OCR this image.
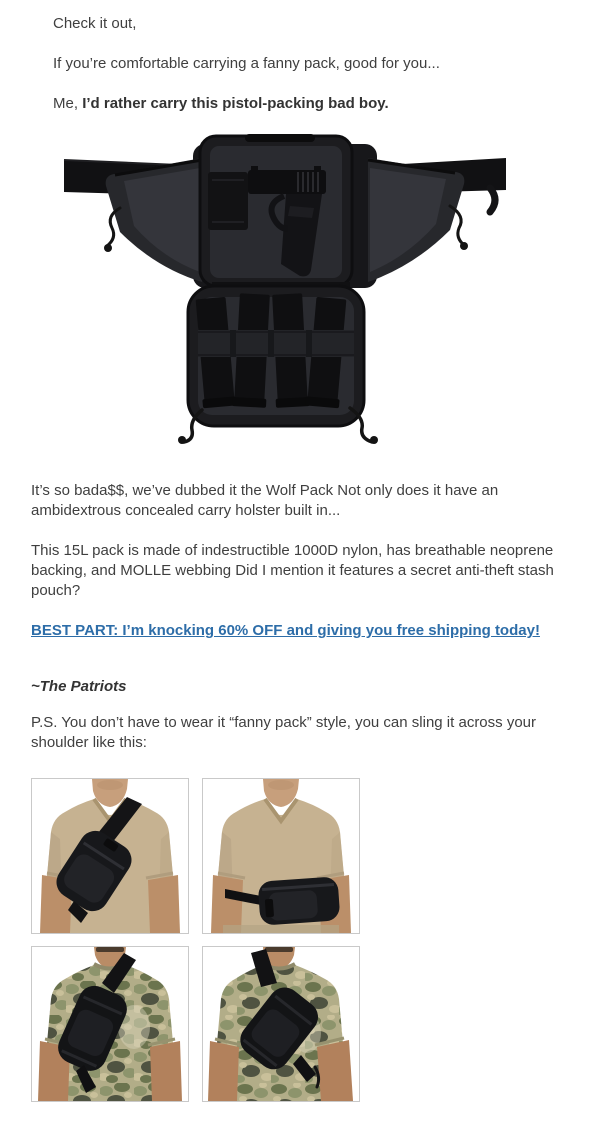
Check it out,

If you’re comfortable carrying a fanny pack, good for you...

Me, I’d rather carry this pistol-packing bad boy.

It’s so bada$$, we’ve dubbed it the Wolf Pack Not only does it have an ambidextrous concealed carry holster built in...

This 15L pack is made of indestructible 1000D nylon, has breathable neoprene backing, and MOLLE webbing Did I mention it features a secret anti-theft stash pouch?

BEST PART: I’m knocking 60% OFF and giving you free shipping today!

~The Patriots

P.S. You don’t have to wear it “fanny pack” style, you can sling it across your shoulder like this:
